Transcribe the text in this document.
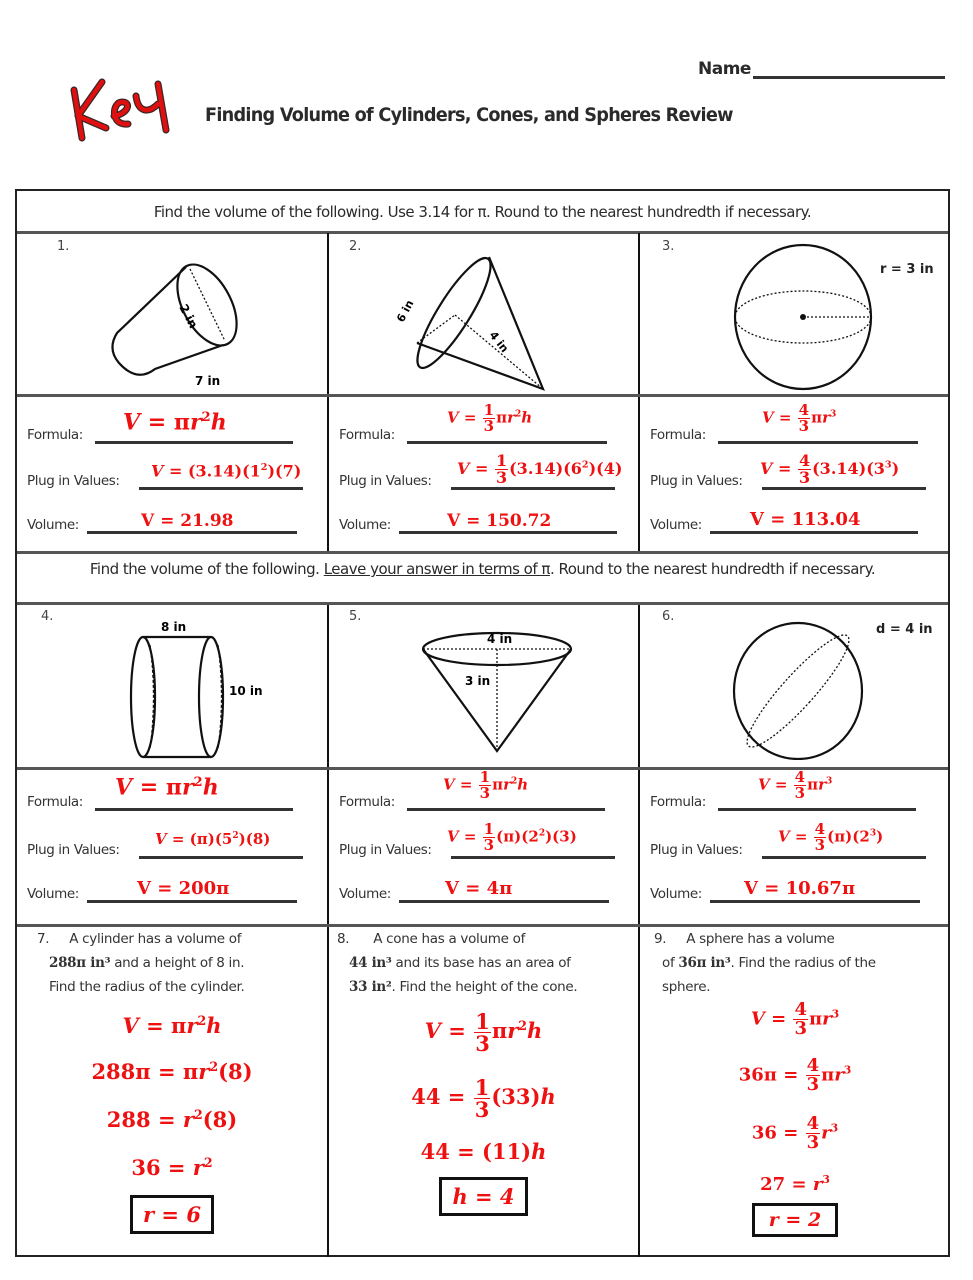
Name
Finding Volume of Cylinders, Cones, and Spheres Review
Find the volume of the following. Use 3.14 for π. Round to the nearest hundredth if necessary.
1.
2 in
7 in
2.
6 in
4 in
3.
r = 3 in
Formula: $V = \pi r^2h$
Plug in Values:
$V = (3.14)(1^2)(7)$
Volume:	V = 21.98
Formula:
$V = \frac{1}{3} \pi r^2h$
Plug in Values:
$V = \frac{1}{3} (3.14)(6^2)(4)$
Volume:	V = 150.72
Formula:
$V = \frac{4}{3} \pi r^3$
Plug in Values:
$V = \frac{4}{3} (3.14)(3^3)$
Volume:	V = 113.04
Find the volume of the following. Leave your answer in terms of π. Round to the nearest hundredth if necessary.
4.
8 in
10 in
5.
4 in
3 in
6.
d = 4 in
Formula:
$V = \pi r^2h$
Plug in Values:
$V = (\pi)(5^2)(8)$
Volume:	V = 200π
Formula:
$V = \frac{1}{3} \pi r^2h$
Plug in Values:
$V = \frac{1}{3} (\pi)(2^2)(3)$
Volume:	V = 4π
Formula:
$V = \frac{4}{3} \pi r^3$
Plug in Values:
$V = \frac{4}{3} (\pi)(2^3)$
Volume: V = 10.67π
7. A cylinder has a volume of
288π in³ and a height of 8 in.
Find the radius of the cylinder.
$V = \pi r^2h$
$288\pi = \pi r^2(8)$
$288 = r^2(8)$
$36 = r^2$
r = 6
8. A cone has a volume of
44 in³ and its base has an area of
33 in². Find the height of the cone.
$V = \frac{1}{3} \pi r^2h$
$44 = \frac{1}{3} (33)h$
44 = (11)h
h = 4
9. A sphere has a volume
of 36π in³. Find the radius of the
sphere.
$V = \frac{4}{3} \pi r^3$
$36\pi = \frac{4}{3} \pi r^3$
$36 = \frac{4}{3} r^3$
$27 = r^3$
r = 2
